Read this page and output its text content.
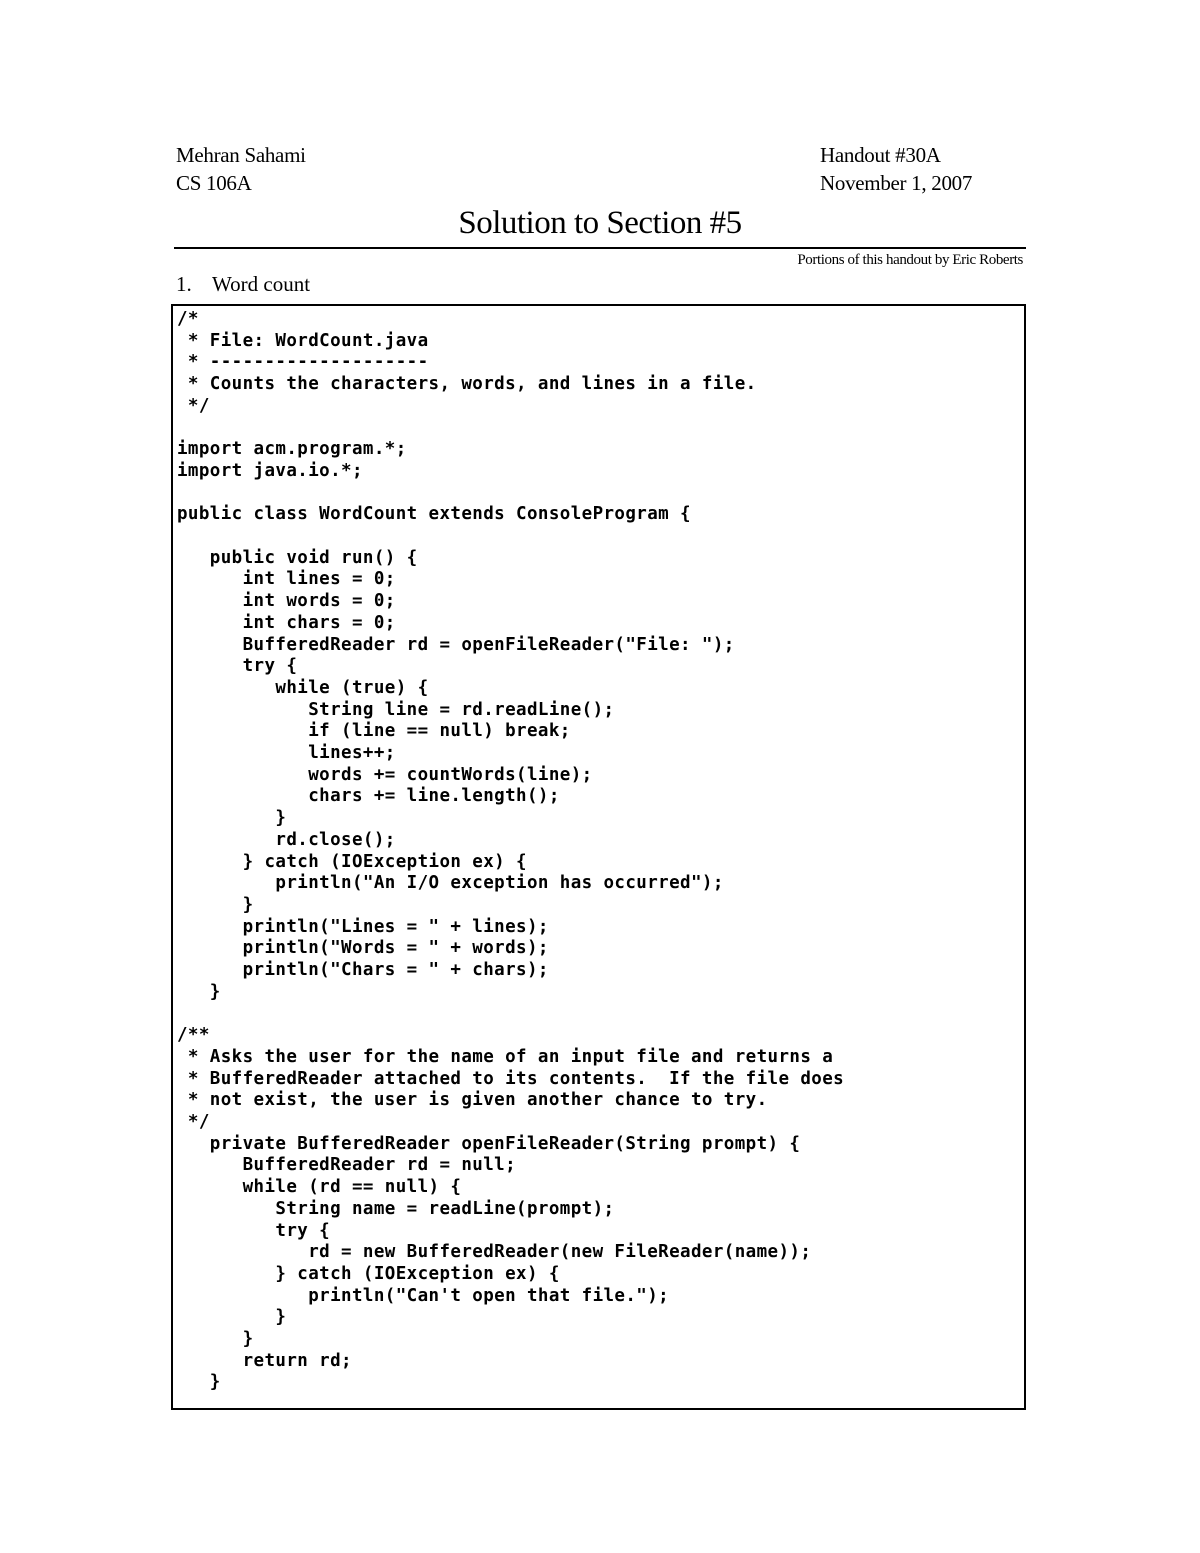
Mehran Sahami
CS 106A
Handout #30A
November 1, 2007
Solution to Section #5
Portions of this handout by Eric Roberts
1. Word count
/*
* File: WordCount.java
* --------------------
* Counts the characters, words, and lines in a file.
*/

import acm.program.*;
import java.io.*;

public class WordCount extends ConsoleProgram {

public void run() {
int lines = 0;
int words = 0;
int chars = 0;
BufferedReader rd = openFileReader("File: ");
try {
while (true) {
String line = rd.readLine();
if (line == null) break;
lines++;
words += countWords(line);
chars += line.length();
}
rd.close();
} catch (IOException ex) {
println("An I/O exception has occurred");
}
println("Lines = " + lines);
println("Words = " + words);
println("Chars = " + chars);
}

/**
* Asks the user for the name of an input file and returns a
* BufferedReader attached to its contents.  If the file does
* not exist, the user is given another chance to try.
*/
private BufferedReader openFileReader(String prompt) {
BufferedReader rd = null;
while (rd == null) {
String name = readLine(prompt);
try {
rd = new BufferedReader(new FileReader(name));
} catch (IOException ex) {
println("Can't open that file.");
}
}
return rd;
}
